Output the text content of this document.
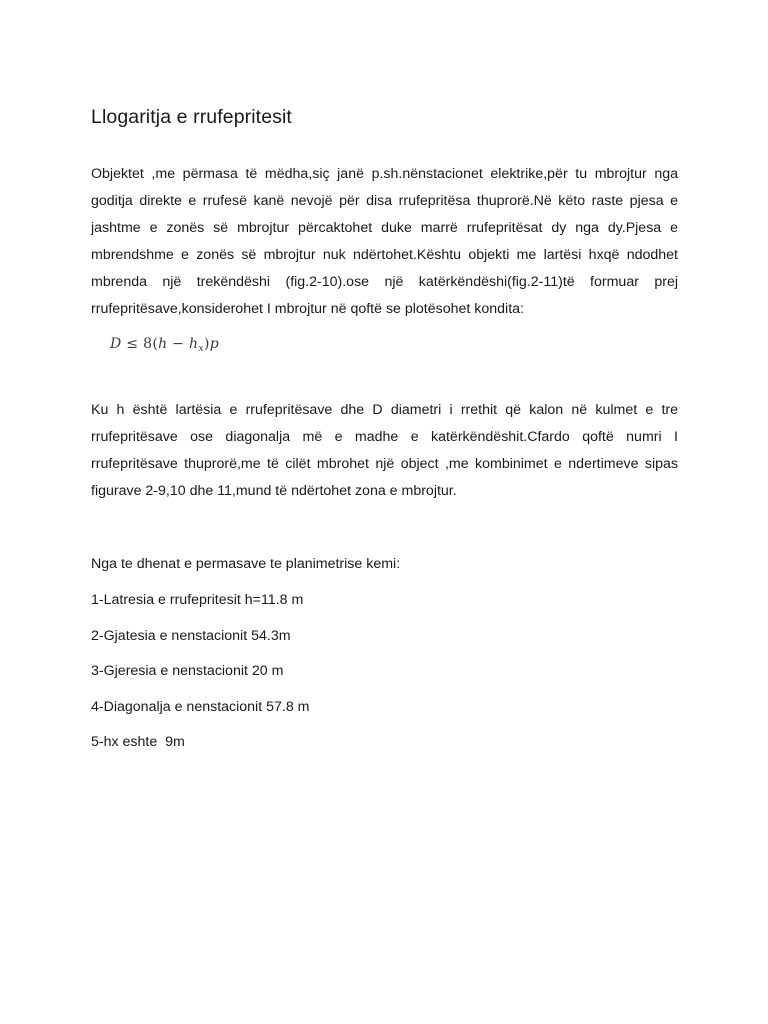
Llogaritja e rrufepritesit

Objektet ,me përmasa të mëdha,siç janë p.sh.nënstacionet elektrike,për tu mbrojtur nga goditja direkte e rrufesë kanë nevojë për disa rrufepritësa thuprorë.Në këto raste pjesa e jashtme e zonës së mbrojtur përcaktohet duke marrë rrufepritësat dy nga dy.Pjesa e mbrendshme e zonës së mbrojtur nuk ndërtohet.Kështu objekti me lartësi hxqë ndodhet mbrenda një trekëndëshi (fig.2-10).ose një katërkëndëshi(fig.2-11)të formuar prej rrufepritësave,konsiderohet I mbrojtur në qoftë se plotësohet kondita:

$D \le 8(h - h_x)p$

Ku h është lartësia e rrufepritësave dhe D diametri i rrethit që kalon në kulmet e tre rrufepritësave ose diagonalja më e madhe e katërkëndëshit.Cfardo qoftë numri I rrufepritësave thuprorë,me të cilët mbrohet një object ,me kombinimet e ndertimeve sipas figurave 2-9,10 dhe 11,mund të ndërtohet zona e mbrojtur.

Nga te dhenat e permasave te planimetrise kemi:

1-Latresia e rrufepritesit h=11.8 m
2-Gjatesia e nenstacionit 54.3m
3-Gjeresia e nenstacionit 20 m
4-Diagonalja e nenstacionit 57.8 m
5-hx eshte  9m
